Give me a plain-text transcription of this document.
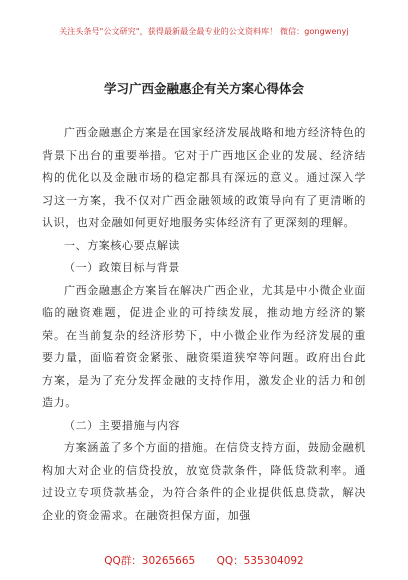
关注头条号"公文研究"，获得最新最全最专业的公文资料库！ 微信：gongwenyj
学习广西金融惠企有关方案心得体会

广西金融惠企方案是在国家经济发展战略和地方经济特色的背景下出台的重要举措。它对于广西地区企业的发展、经济结构的优化以及金融市场的稳定都具有深远的意义。通过深入学习这一方案，我不仅对广西金融领域的政策导向有了更清晰的认识，也对金融如何更好地服务实体经济有了更深刻的理解。

一、方案核心要点解读

（一）政策目标与背景

广西金融惠企方案旨在解决广西企业，尤其是中小微企业面临的融资难题，促进企业的可持续发展，推动地方经济的繁荣。在当前复杂的经济形势下，中小微企业作为经济发展的重要力量，面临着资金紧张、融资渠道狭窄等问题。政府出台此方案，是为了充分发挥金融的支持作用，激发企业的活力和创造力。

（二）主要措施与内容

方案涵盖了多个方面的措施。在信贷支持方面，鼓励金融机构加大对企业的信贷投放，放宽贷款条件，降低贷款利率。通过设立专项贷款基金，为符合条件的企业提供低息贷款，解决企业的资金需求。在融资担保方面，加强

QQ群：30265665 QQ：535304092
